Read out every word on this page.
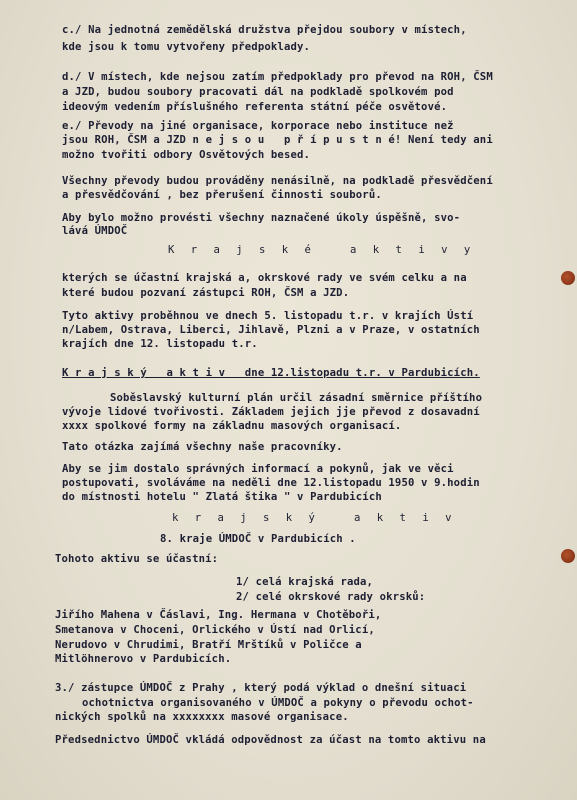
c./ Na jednotná zemědělská družstva přejdou soubory v místech,
kde jsou k tomu vytvořeny předpoklady.
d./ V místech, kde nejsou zatím předpoklady pro převod na ROH, ČSM
a JZD, budou soubory pracovati dál na podkladě spolkovém pod
ideovým vedením příslušného referenta státní péče osvětové.
e./ Převody na jiné organisace, korporace nebo instituce než
jsou ROH, ČSM a JZD n e j s o u   p ř í p u s t n é! Není tedy ani
možno tvořiti odbory Osvětových besed.
Všechny převody budou prováděny nenásilně, na podkladě přesvědčení
a přesvědčování , bez přerušení činnosti souborů.
Aby bylo možno provésti všechny naznačené úkoly úspěšně, svo-
lává ÚMDOČ
K r a j s k é   a k t i v y
kterých se účastní krajská a, okrskové rady ve svém celku a na
které budou pozvaní zástupci ROH, ČSM a JZD.
Tyto aktivy proběhnou ve dnech 5. listopadu t.r. v krajích Ústí
n/Labem, Ostrava, Liberci, Jihlavě, Plzni a v Praze, v ostatních
krajích dne 12. listopadu t.r.
K r a j s k ý   a k t i v   dne 12.listopadu t.r. v Pardubicích.
Soběslavský kulturní plán určil zásadní směrnice příštího
vývoje lidové tvořivosti. Základem jejich jje převod z dosavadní
xxxx spolkové formy na základnu masových organisací.
Tato otázka zajímá všechny naše pracovníky.
Aby se jim dostalo správných informací a pokynů, jak ve věci
postupovati, svoláváme na neděli dne 12.listopadu 1950 v 9.hodin
do místnosti hotelu " Zlatá štika " v Pardubicích
k r a j s k ý   a k t i v
8. kraje ÚMDOČ v Pardubicích .
Tohoto aktivu se účastní:
1/ celá krajská rada,
2/ celé okrskové rady okrsků:
Jiřího Mahena v Čáslavi, Ing. Hermana v Chotěboři,
Smetanova v Choceni, Orlického v Ústí nad Orlicí,
Nerudovo v Chrudimi, Bratří Mrštíků v Poličce a
Mitlöhnerovo v Pardubicích.
3./ zástupce ÚMDOČ z Prahy , který podá výklad o dnešní situaci
ochotnictva organisovaného v ÚMDOČ a pokyny o převodu ochot-
nických spolků na xxxxxxxx masové organisace.
Předsednictvo ÚMDOČ vkládá odpovědnost za účast na tomto aktivu na
